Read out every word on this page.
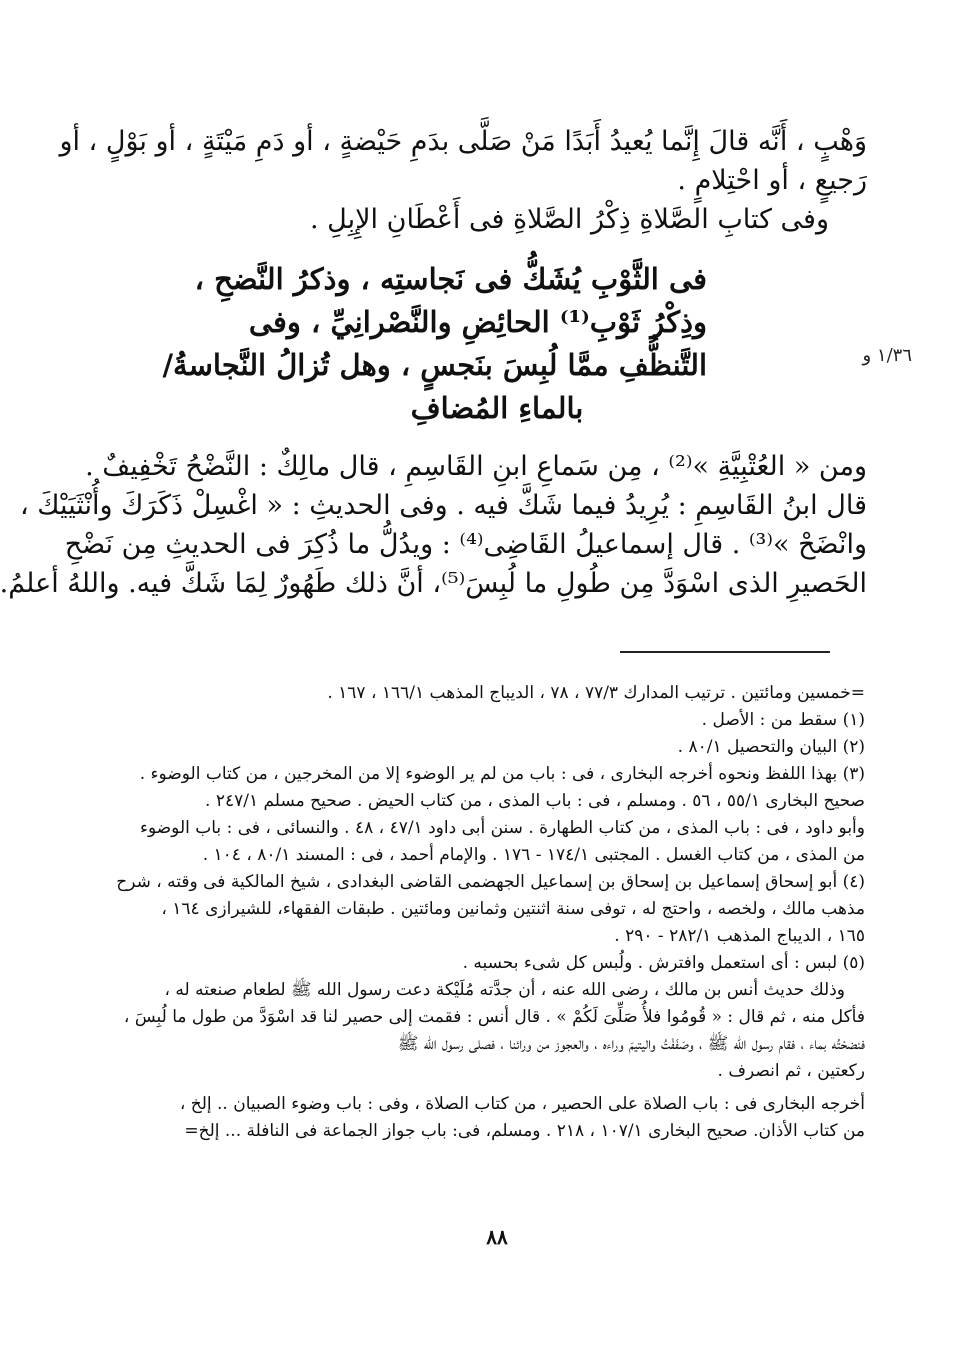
وَهْبٍ ، أَنَّه قالَ إِنَّما يُعيدُ أَبَدًا مَنْ صَلَّى بدَمِ حَيْضةٍ ، أو دَمِ مَيْتَةٍ ، أو بَوْلٍ ، أو
رَجيعٍ ، أو احْتِلامٍ .
وفى كتابِ الصَّلاةِ ذِكْرُ الصَّلاةِ فى أَعْطَانِ الإِبِلِ .
فى الثَّوْبِ يُشَكُّ فى نَجاستِه ، وذكرُ النَّضحِ ،
وذِكْرُ ثَوْبِ⁽¹⁾ الحائِضِ والنَّصْرانِيِّ ، وفى
التَّنظُّفِ ممَّا لُبِسَ بنَجسٍ ، وهل تُزالُ النَّجاسةُ/
بالماءِ المُضافِ
١/٣٦ و
ومن « العُتْبِيَّةِ »⁽²⁾ ، مِن سَماعِ ابنِ القَاسِمِ ، قال مالِكٌ : النَّضْحُ تَخْفِيفٌ .
قال ابنُ القَاسِمِ : يُرِيدُ فيما شَكَّ فيه . وفى الحديثِ : « اغْسِلْ ذَكَرَكَ وأُنْثَيَيْكَ ،
وانْضَحْ »⁽³⁾ . قال إسماعيلُ القَاضِى⁽⁴⁾ : ويدُلُّ ما ذُكِرَ فى الحديثِ مِن نَضْحِ
الحَصيرِ الذى اسْوَدَّ مِن طُولِ ما لُبِسَ⁽⁵⁾، أنَّ ذلك طَهُورٌ لِمَا شَكَّ فيه. واللهُ أعلمُ.
=خمسين ومائتين . ترتيب المدارك ٧٧/٣ ، ٧٨ ، الديباج المذهب ١٦٦/١ ، ١٦٧ .
(١) سقط من : الأصل .
(٢) البيان والتحصيل ٨٠/١ .
(٣) بهذا اللفظ ونحوه أخرجه البخارى ، فى : باب من لم ير الوضوء إلا من المخرجين ، من كتاب الوضوء .
صحيح البخارى ٥٥/١ ، ٥٦ . ومسلم ، فى : باب المذى ، من كتاب الحيض . صحيح مسلم ٢٤٧/١ .
وأبو داود ، فى : باب المذى ، من كتاب الطهارة . سنن أبى داود ٤٧/١ ، ٤٨ . والنسائى ، فى : باب الوضوء
من المذى ، من كتاب الغسل . المجتبى ١٧٤/١ - ١٧٦ . والإمام أحمد ، فى : المسند ٨٠/١ ، ١٠٤ .
(٤) أبو إسحاق إسماعيل بن إسحاق بن إسماعيل الجهضمى القاضى البغدادى ، شيخ المالكية فى وقته ، شرح
مذهب مالك ، ولخصه ، واحتج له ، توفى سنة اثنتين وثمانين ومائتين . طبقات الفقهاء، للشيرازى ١٦٤ ،
١٦٥ ، الديباج المذهب ٢٨٢/١ - ٢٩٠ .
(٥) لبس : أى استعمل وافترش . ولُبس كل شىء بحسبه .
وذلك حديث أنس بن مالك ، رضى الله عنه ، أن جدَّته مُلَيْكة دعت رسول الله ﷺ لطعام صنعته له ،
فأكل منه ، ثم قال : « قُومُوا فلأُ صَلِّىَ لَكُمْ » . قال أنس : فقمت إلى حصير لنا قد اسْوَدَّ من طول ما لُبِسَ ،
فنضحْتُه بماء ، فقام رسول الله ﷺ ، وصَفَفْتُ واليتيمَ وراءه ، والعجوز من ورائنا ، فصلى رسول الله ﷺ
ركعتين ، ثم انصرف .
أخرجه البخارى فى : باب الصلاة على الحصير ، من كتاب الصلاة ، وفى : باب وضوء الصبيان .. إلخ ،
من كتاب الأذان. صحيح البخارى ١٠٧/١ ، ٢١٨ . ومسلم، فى: باب جواز الجماعة فى النافلة ... إلخ=
٨٨
